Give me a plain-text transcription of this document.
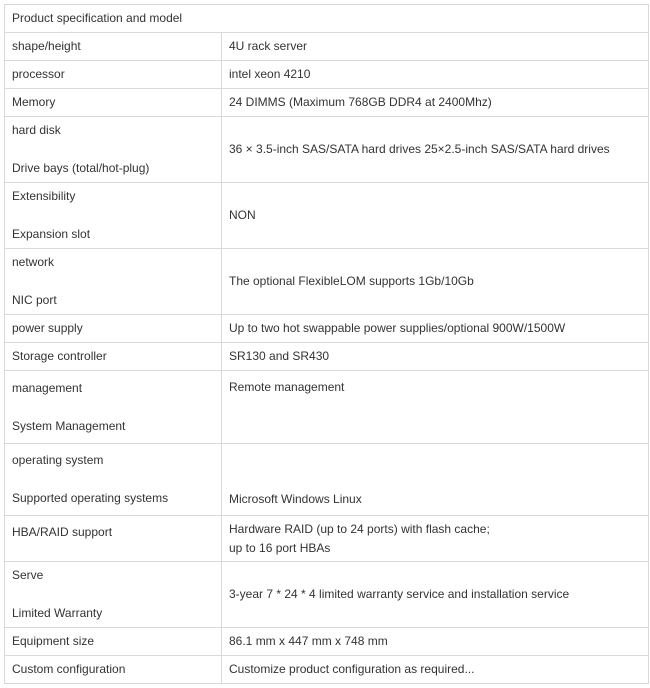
Product specification and model	
shape/height	4U rack server
processor	intel xeon 4210
Memory	24 DIMMS (Maximum 768GB DDR4 at 2400Mhz)

hard disk
Drive bays (total/hot-plug)	36 × 3.5-inch SAS/SATA hard drives 25×2.5-inch SAS/SATA hard drives

Extensibility
Expansion slot	NON

network
NIC port	The optional FlexibleLOM supports 1Gb/10Gb
power supply	Up to two hot swappable power supplies/optional 900W/1500W
Storage controller	SR130 and SR430

management
System Management	Remote management

operating system
Supported operating systems	Microsoft Windows Linux
HBA/RAID support	Hardware RAID (up to 24 ports) with flash cache;
up to 16 port HBAs

Serve
Limited Warranty	3-year 7 * 24 * 4 limited warranty service and installation service
Equipment size	86.1 mm x 447 mm x 748 mm
Custom configuration	Customize product configuration as required...
